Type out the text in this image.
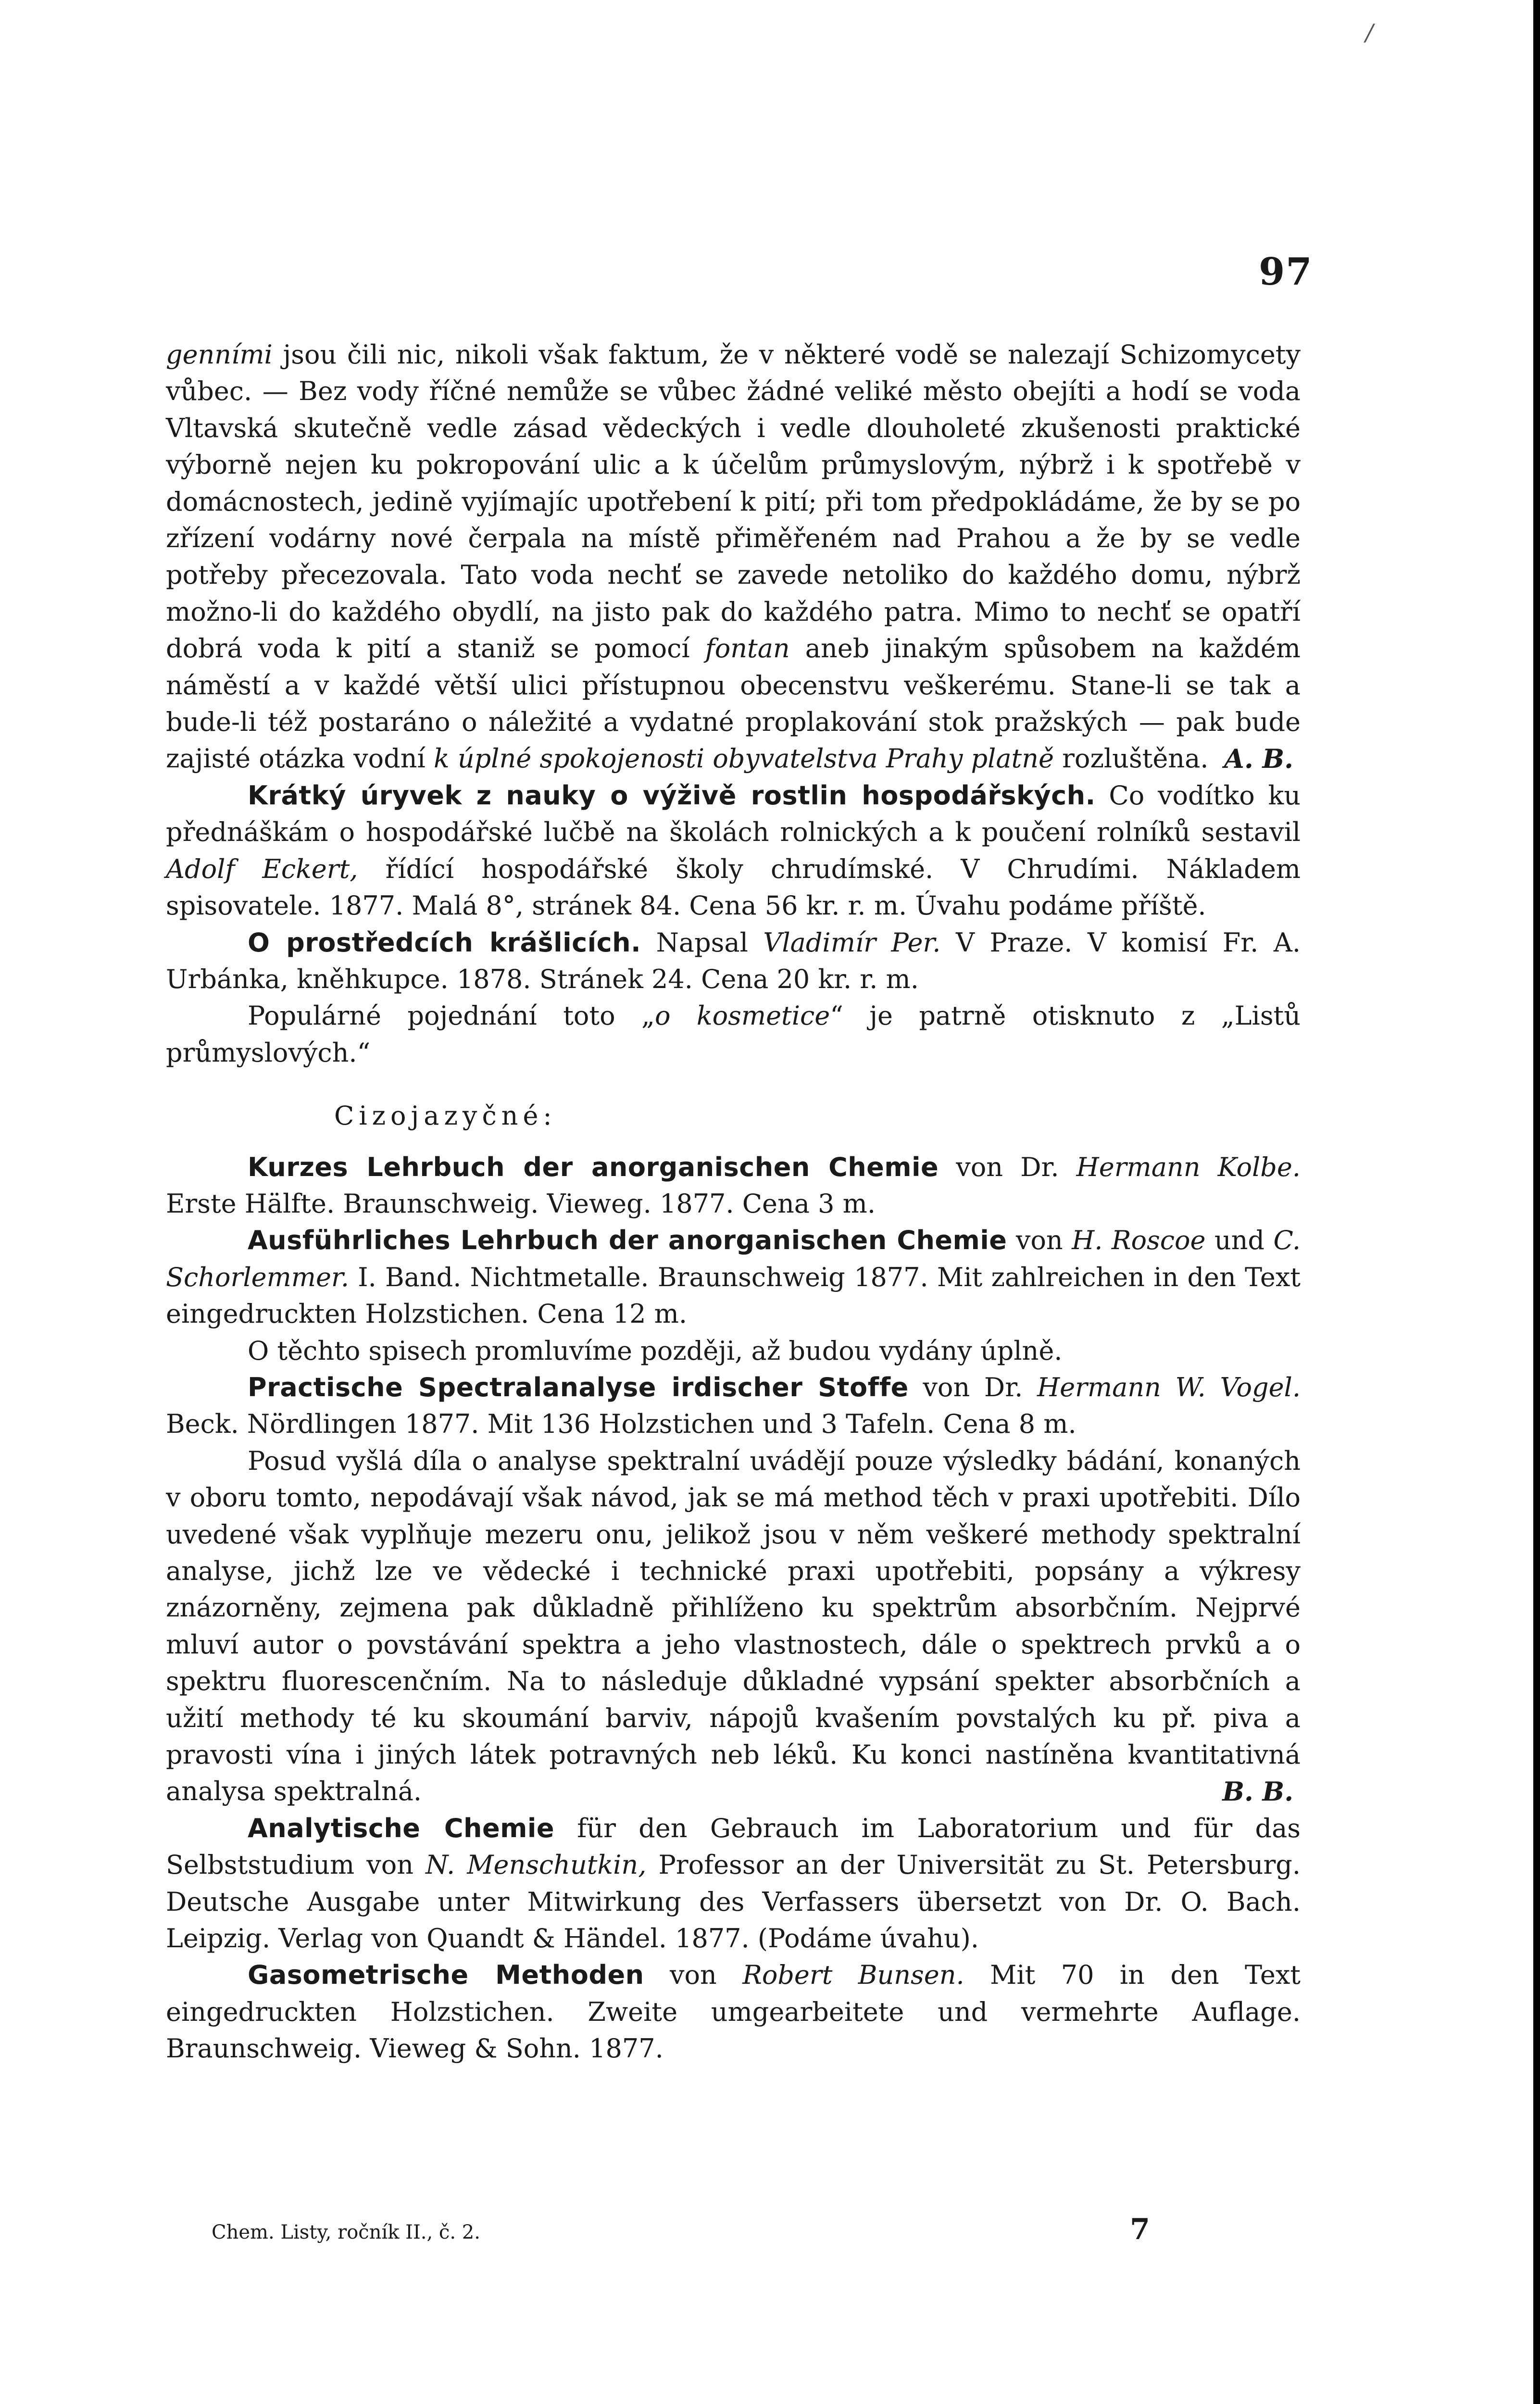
/
97

genními jsou čili nic, nikoli však faktum, že v některé vodě se nalezají Schizomycety vůbec. — Bez vody říčné nemůže se vůbec žádné veliké město obejíti a hodí se voda Vltavská skutečně vedle zásad vědeckých i vedle dlouholeté zkušenosti praktické výborně nejen ku pokropování ulic a k účelům průmyslovým, nýbrž i k spotřebě v domácnostech, jedině vyjímajíc upotřebení k pití; při tom předpokládáme, že by se po zřízení vodárny nové čerpala na místě přiměřeném nad Prahou a že by se vedle potřeby přecezovala. Tato voda nechť se zavede netoliko do každého domu, nýbrž možno-li do každého obydlí, na jisto pak do každého patra. Mimo to nechť se opatří dobrá voda k pití a staniž se pomocí fontan aneb jinakým spůsobem na každém náměstí a v každé větší ulici přístupnou obecenstvu veškerému. Stane-li se tak a bude-li též postaráno o náležité a vydatné proplakování stok pražských — pak bude zajisté otázka vodní k úplné spokojenosti obyvatelstva Prahy platně rozluštěna. A. B.

Krátký úryvek z nauky o výživě rostlin hospodářských. Co vodítko ku přednáškám o hospodářské lučbě na školách rolnických a k poučení rolníků sestavil Adolf Eckert, řídící hospodářské školy chrudímské. V Chrudími. Nákladem spisovatele. 1877. Malá 8°, stránek 84. Cena 56 kr. r. m. Úvahu podáme příště.

O prostředcích krášlicích. Napsal Vladimír Per. V Praze. V komisí Fr. A. Urbánka, kněhkupce. 1878. Stránek 24. Cena 20 kr. r. m.

Populárné pojednání toto „o kosmetice“ je patrně otisknuto z „Listů průmyslových.“

Cizojazyčné:

Kurzes Lehrbuch der anorganischen Chemie von Dr. Hermann Kolbe. Erste Hälfte. Braunschweig. Vieweg. 1877. Cena 3 m.

Ausführliches Lehrbuch der anorganischen Chemie von H. Roscoe und C. Schorlemmer. I. Band. Nichtmetalle. Braunschweig 1877. Mit zahlreichen in den Text eingedruckten Holzstichen. Cena 12 m.

O těchto spisech promluvíme později, až budou vydány úplně.

Practische Spectralanalyse irdischer Stoffe von Dr. Hermann W. Vogel. Beck. Nördlingen 1877. Mit 136 Holzstichen und 3 Tafeln. Cena 8 m.

Posud vyšlá díla o analyse spektralní uvádějí pouze výsledky bádání, konaných v oboru tomto, nepodávají však návod, jak se má method těch v praxi upotřebiti. Dílo uvedené však vyplňuje mezeru onu, jelikož jsou v něm veškeré methody spektralní analyse, jichž lze ve vědecké i technické praxi upotřebiti, popsány a výkresy znázorněny, zejmena pak důkladně přihlíženo ku spektrům absorbčním. Nejprvé mluví autor o povstávání spektra a jeho vlastnostech, dále o spektrech prvků a o spektru fluorescenčním. Na to následuje důkladné vypsání spekter absorbčních a užití methody té ku skoumání barviv, nápojů kvašením povstalých ku př. piva a pravosti vína i jiných látek potravných neb léků. Ku konci nastíněna kvantitativná analysa spektralná.	B. B.

Analytische Chemie für den Gebrauch im Laboratorium und für das Selbststudium von N. Menschutkin, Professor an der Universität zu St. Petersburg. Deutsche Ausgabe unter Mitwirkung des Verfassers übersetzt von Dr. O. Bach. Leipzig. Verlag von Quandt & Händel. 1877. (Podáme úvahu).

Gasometrische Methoden von Robert Bunsen. Mit 70 in den Text eingedruckten Holzstichen. Zweite umgearbeitete und vermehrte Auflage. Braunschweig. Vieweg & Sohn. 1877.

Chem. Listy, ročník II., č. 2.	7
